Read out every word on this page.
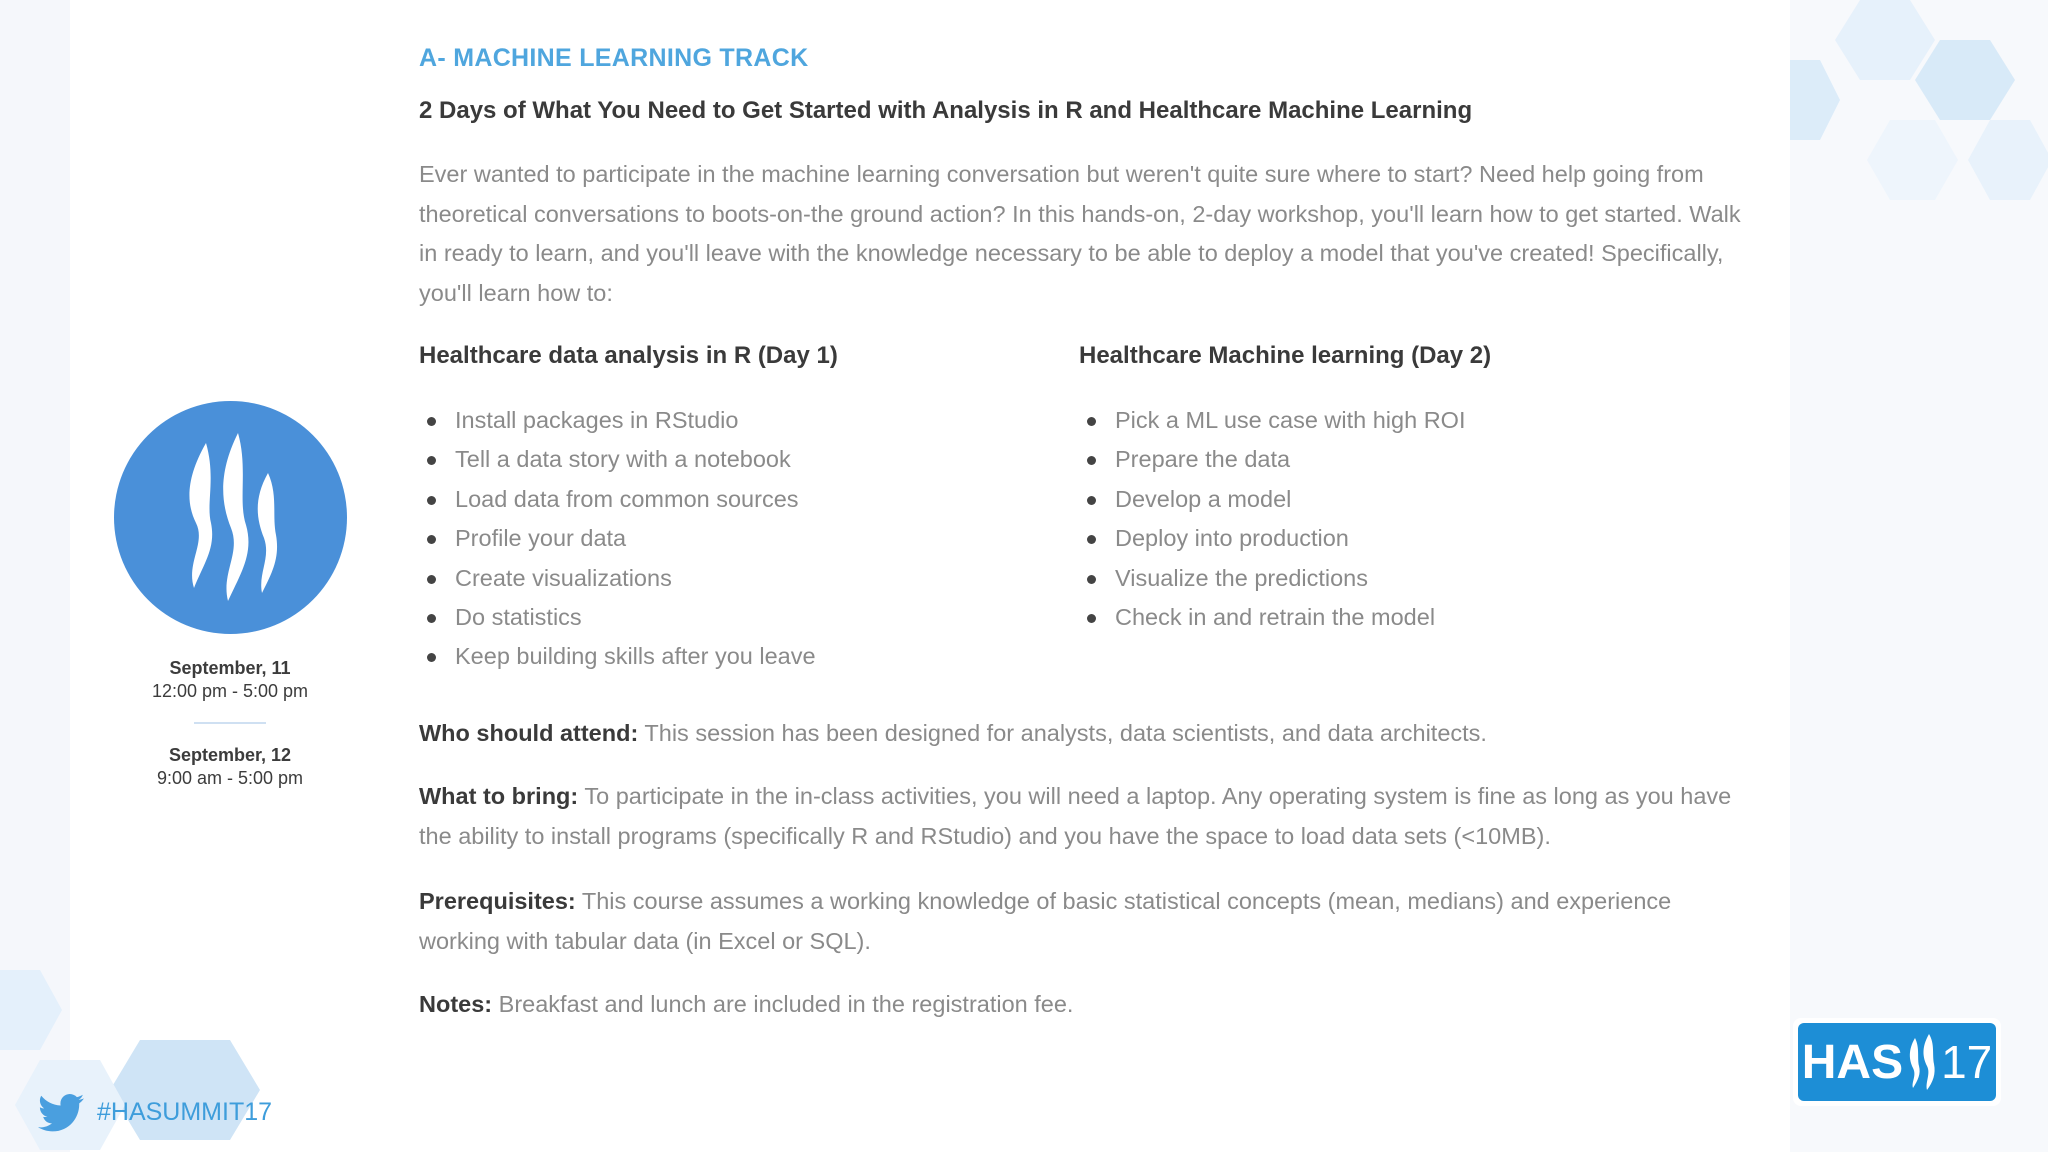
September, 11
12:00 pm - 5:00 pm
September, 12
9:00 am - 5:00 pm
A- MACHINE LEARNING TRACK
2 Days of What You Need to Get Started with Analysis in R and Healthcare Machine Learning

Ever wanted to participate in the machine learning conversation but weren't quite sure where to start? Need help going from theoretical conversations to boots-on-the ground action? In this hands-on, 2-day workshop, you'll learn how to get started. Walk in ready to learn, and you'll leave with the knowledge necessary to be able to deploy a model that you've created! Specifically, you'll learn how to:

Healthcare data analysis in R (Day 1)	Healthcare Machine learning (Day 2)
Install packages in RStudio
Tell a data story with a notebook
Load data from common sources
Profile your data
Create visualizations
Do statistics
Keep building skills after you leave
Pick a ML use case with high ROI
Prepare the data
Develop a model
Deploy into production
Visualize the predictions
Check in and retrain the model

Who should attend: This session has been designed for analysts, data scientists, and data architects.

What to bring: To participate in the in-class activities, you will need a laptop. Any operating system is fine as long as you have the ability to install programs (specifically R and RStudio) and you have the space to load data sets (<10MB).

Prerequisites: This course assumes a working knowledge of basic statistical concepts (mean, medians) and experience working with tabular data (in Excel or SQL).

Notes: Breakfast and lunch are included in the registration fee.

#HASUMMIT17
HAS 17
